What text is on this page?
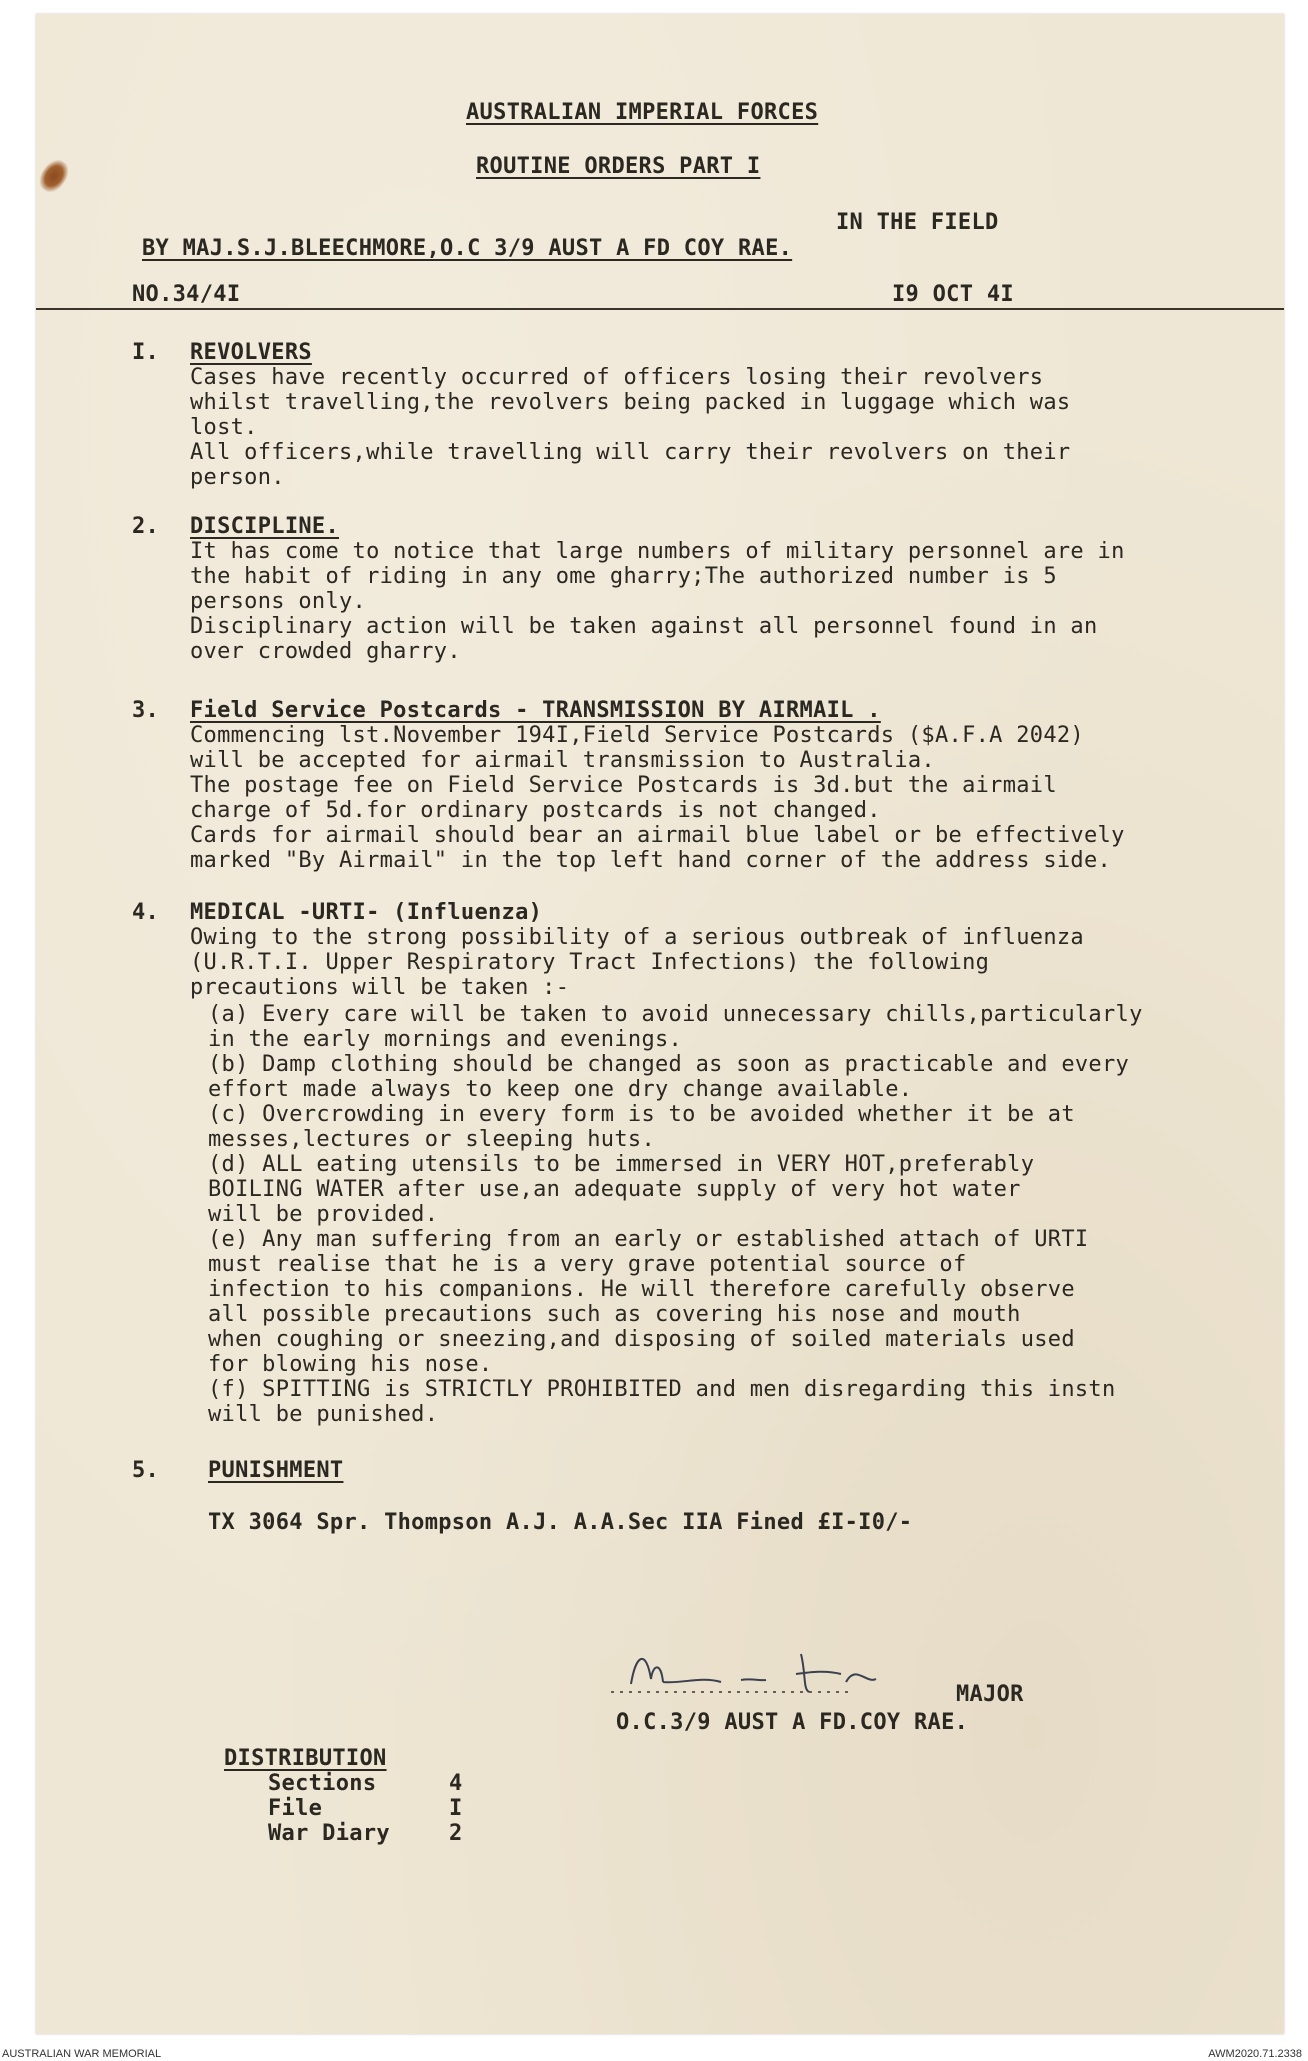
AUSTRALIAN IMPERIAL FORCES
ROUTINE ORDERS PART I
IN THE FIELD
BY MAJ.S.J.BLEECHMORE,O.C 3/9 AUST A FD COY RAE.
NO.34/4I	I9 OCT 4I
I. REVOLVERS
Cases have recently occurred of officers losing their revolvers
whilst travelling,the revolvers being packed in luggage which was
lost.
All officers,while travelling will carry their revolvers on their
person.
2. DISCIPLINE.
It has come to notice that large numbers of military personnel are in
the habit of riding in any ome gharry;The authorized number is 5
persons only.
Disciplinary action will be taken against all personnel found in an
over crowded gharry.
3. Field Service Postcards - TRANSMISSION BY AIRMAIL .
Commencing lst.November 194I,Field Service Postcards ($A.F.A 2042)
will be accepted for airmail transmission to Australia.
The postage fee on Field Service Postcards is 3d.but the airmail
charge of 5d.for ordinary postcards is not changed.
Cards for airmail should bear an airmail blue label or be effectively
marked "By Airmail" in the top left hand corner of the address side.
4. MEDICAL -URTI- (Influenza)
Owing to the strong possibility of a serious outbreak of influenza
(U.R.T.I. Upper Respiratory Tract Infections) the following
precautions will be taken :-
(a) Every care will be taken to avoid unnecessary chills,particularly
in the early mornings and evenings.
(b) Damp clothing should be changed as soon as practicable and every
effort made always to keep one dry change available.
(c) Overcrowding in every form is to be avoided whether it be at
messes,lectures or sleeping huts.
(d) ALL eating utensils to be immersed in VERY HOT,preferably
BOILING WATER after use,an adequate supply of very hot water
will be provided.
(e) Any man suffering from an early or established attach of URTI
must realise that he is a very grave potential source of
infection to his companions. He will therefore carefully observe
all possible precautions such as covering his nose and mouth
when coughing or sneezing,and disposing of soiled materials used
for blowing his nose.
(f) SPITTING is STRICTLY PROHIBITED and men disregarding this instn
will be punished.
5. PUNISHMENT
TX 3064 Spr. Thompson A.J. A.A.Sec IIA Fined £I-I0/-
MAJOR
O.C.3/9 AUST A FD.COY RAE.
DISTRIBUTION
Sections	4
File	I
War Diary	2
AUSTRALIAN WAR MEMORIAL	AWM2020.71.2338
